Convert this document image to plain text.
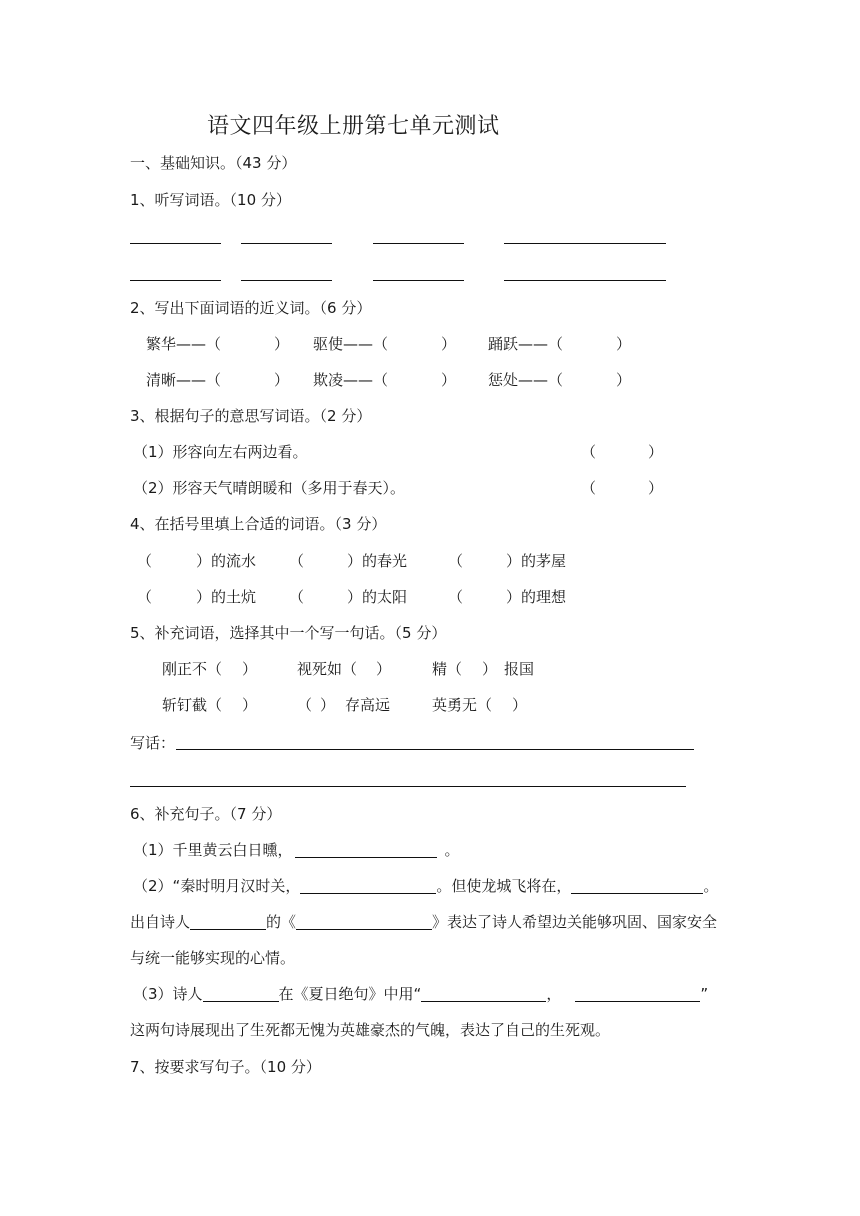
语文四年级上册第七单元测试
一、基础知识。（43 分）
1、听写词语。（10 分）
2、写出下面词语的近义词。（6 分）
繁华——（	） 驱使——（	） 踊跃——（	）
清晰——（	） 欺凌——（	） 惩处——（	）
3、根据句子的意思写词语。（2 分）
（1）形容向左右两边看。	（	）
（2）形容天气晴朗暖和（多用于春天）。	（	）
4、在括号里填上合适的词语。（3 分）
（	）的流水 （	）的春光	（	）的茅屋
（	）的土炕 （	）的太阳	（	）的理想
5、补充词语，选择其中一个写一句话。（5 分）
刚正不（ ）	视死如（ ）	精（ ） 报国
斩钉截（ ）	（ ） 存高远	英勇无（ ）
写话：
6、补充句子。（7 分）
（1）千里黄云白日曛，	。
（2）“秦时明月汉时关，	。但使龙城飞将在，	。
出自诗人	的《	》表达了诗人希望边关能够巩固、国家安全
与统一能够实现的心情。
（3）诗人	在《夏日绝句》中用“	，	”
这两句诗展现出了生死都无愧为英雄豪杰的气魄，表达了自己的生死观。
7、按要求写句子。（10 分）
